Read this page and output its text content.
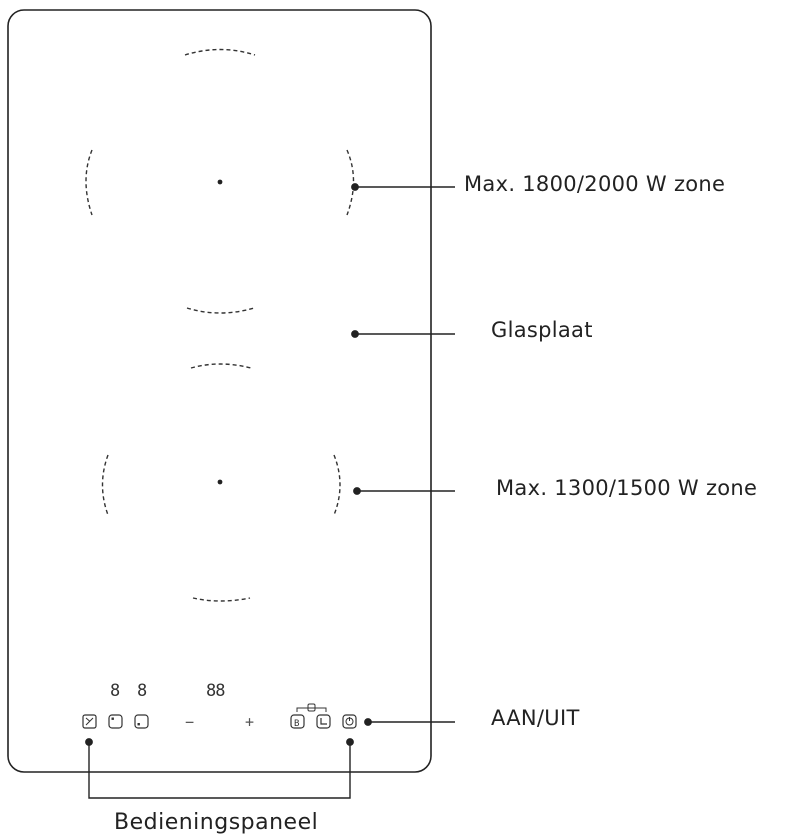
8 8	88
−	+	B
Max. 1800/2000 W zone
Glasplaat
Max. 1300/1500 W zone
AAN/UIT
Bedieningspaneel
